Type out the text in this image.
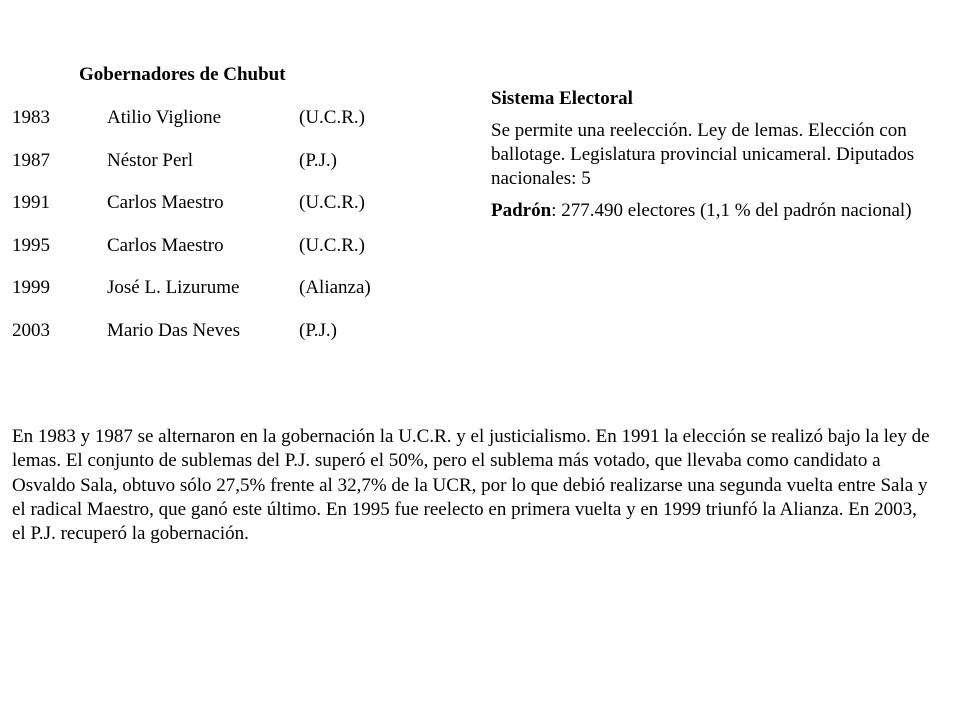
Gobernadores de Chubut
1983	Atilio Viglione	(U.C.R.)
1987	Néstor Perl	(P.J.)
1991	Carlos Maestro	(U.C.R.)
1995	Carlos Maestro	(U.C.R.)
1999	José L. Lizurume	(Alianza)
2003	Mario Das Neves	(P.J.)
Sistema Electoral
Se permite una reelección. Ley de lemas. Elección con ballotage. Legislatura provincial unicameral. Diputados nacionales: 5
Padrón: 277.490 electores (1,1 % del padrón nacional)
En 1983 y 1987 se alternaron en la gobernación la U.C.R. y el justicialismo. En 1991 la elección se realizó bajo la ley de lemas. El conjunto de sublemas del P.J. superó el 50%, pero el sublema más votado, que llevaba como candidato a Osvaldo Sala, obtuvo sólo 27,5% frente al 32,7% de la UCR, por lo que debió realizarse una segunda vuelta entre Sala y el radical Maestro, que ganó este último. En 1995 fue reelecto en primera vuelta y en 1999 triunfó la Alianza. En 2003, el P.J. recuperó la gobernación.
